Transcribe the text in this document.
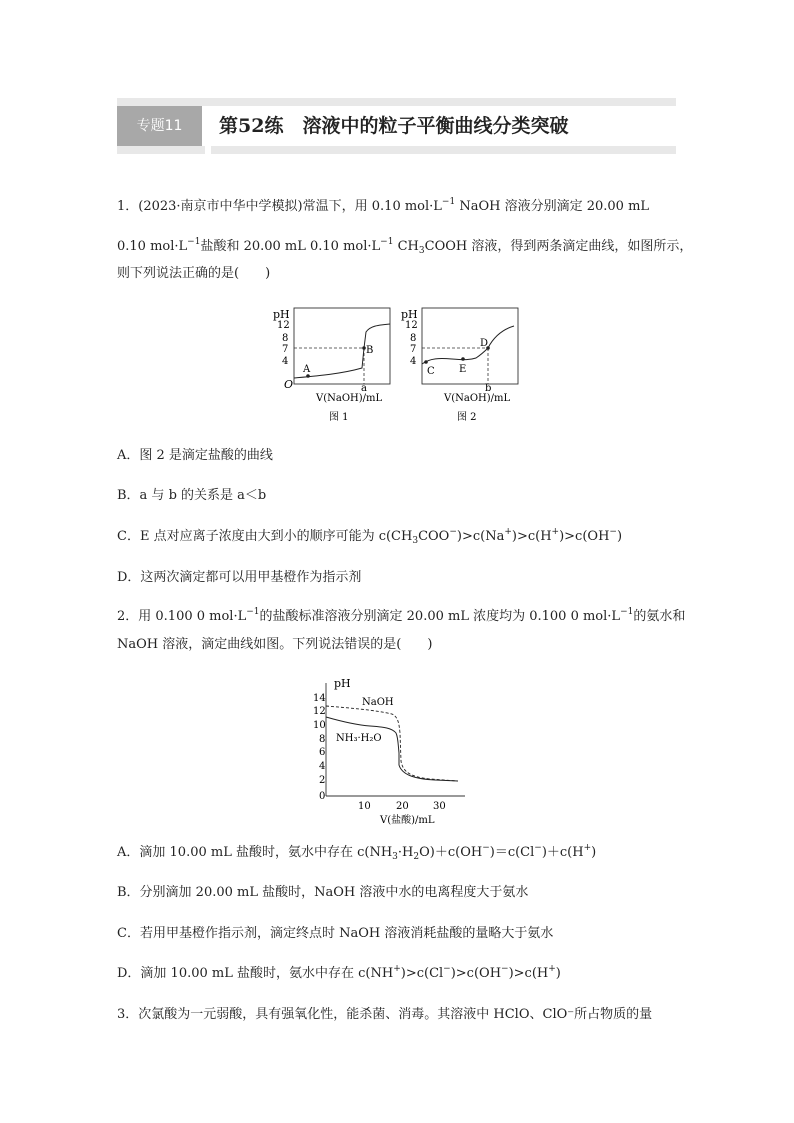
专题11	第52练　溶液中的粒子平衡曲线分类突破
1．(2023·南京市中华中学模拟)常温下，用 0.10 $mol\cdot L^{-1}$ NaOH 溶液分别滴定 20.00 mL
0.10 $mol\cdot L^{-1}$盐酸和 20.00 mL 0.10 $mol\cdot L^{-1}$ $CH_3COOH$ 溶液，得到两条滴定曲线，如图所示，
则下列说法正确的是(　　)
pH
12
8
7
4
O
A
B
a
V(NaOH)/mL
图 1
pH
12
8
7
4
C E
D
b
V(NaOH)/mL
图 2
A．图 2 是滴定盐酸的曲线
B．a 与 b 的关系是 a＜b
C．E 点对应离子浓度由大到小的顺序可能为 $c(CH_3COO^-)>c(Na^+)>c(H^+)>c(OH^-)$
D．这两次滴定都可以用甲基橙作为指示剂
2．用 0.100 0 $mol\cdot L^{-1}$的盐酸标准溶液分别滴定 20.00 mL 浓度均为 0.100 0 $mol\cdot L^{-1}$的氨水和
NaOH 溶液，滴定曲线如图。下列说法错误的是(　　)
pH
14
12
10
8
6
4
2
0
10	20 30
V(盐酸)/mL
NaOH
NH₃·H₂O
A．滴加 10.00 mL 盐酸时，氨水中存在 $c(NH_3\cdot H_2O)+c(OH^-)=c(Cl^-)+c(H^+)$
B．分别滴加 20.00 mL 盐酸时，NaOH 溶液中水的电离程度大于氨水
C．若用甲基橙作指示剂，滴定终点时 NaOH 溶液消耗盐酸的量略大于氨水
D．滴加 10.00 mL 盐酸时，氨水中存在 c(NH+)>c(Cl−)>c(OH−)>c(H+)
3．次氯酸为一元弱酸，具有强氧化性，能杀菌、消毒。其溶液中 HClO、ClO⁻所占物质的量
